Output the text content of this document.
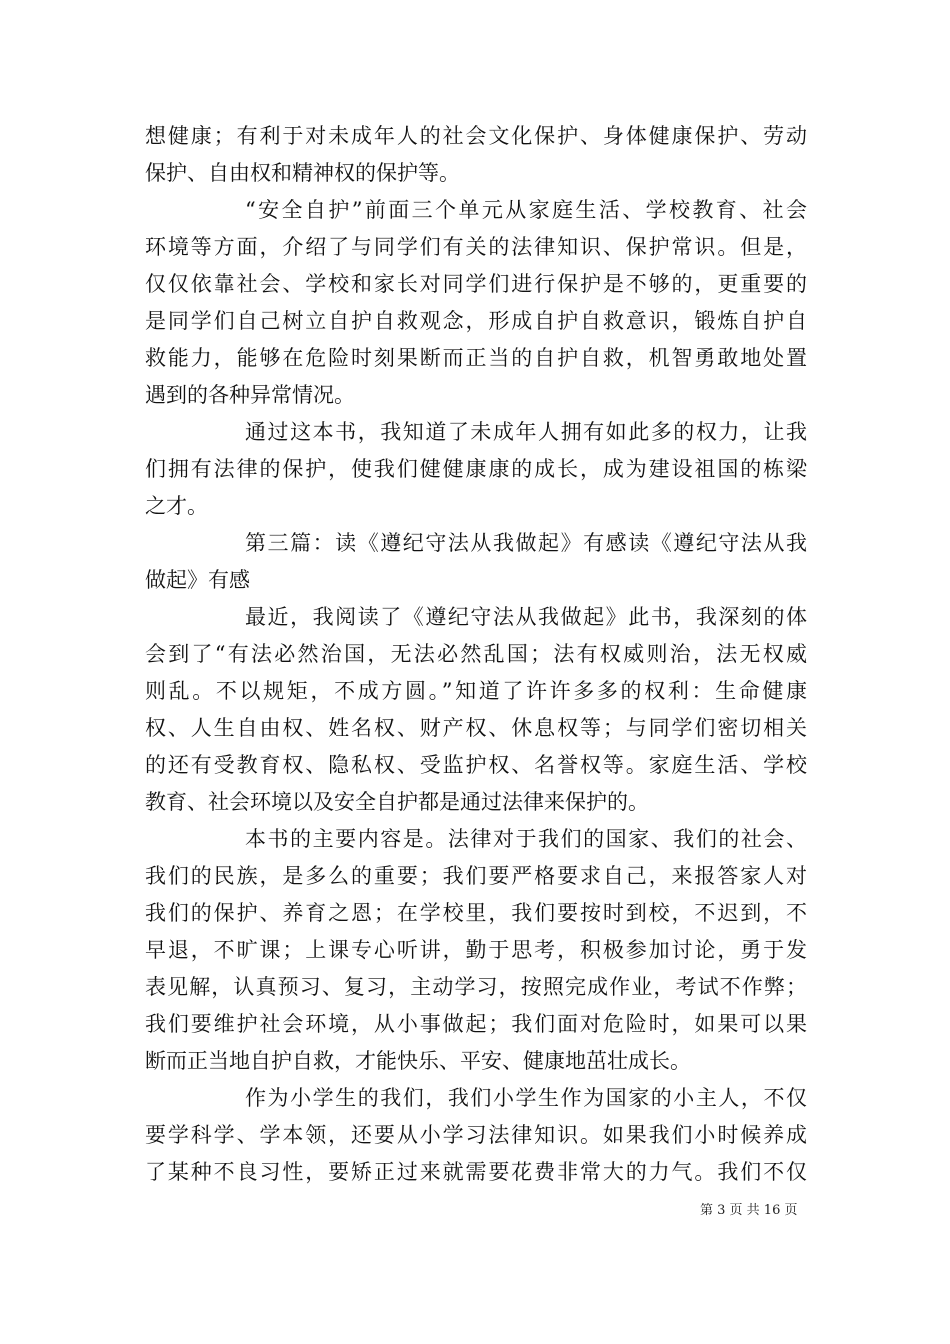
想健康；有利于对未成年人的社会文化保护、身体健康保护、劳动
保护、自由权和精神权的保护等。
“安全自护”前面三个单元从家庭生活、学校教育、社会
环境等方面，介绍了与同学们有关的法律知识、保护常识。但是，
仅仅依靠社会、学校和家长对同学们进行保护是不够的，更重要的
是同学们自己树立自护自救观念，形成自护自救意识，锻炼自护自
救能力，能够在危险时刻果断而正当的自护自救，机智勇敢地处置
遇到的各种异常情况。
通过这本书，我知道了未成年人拥有如此多的权力，让我
们拥有法律的保护，使我们健健康康的成长，成为建设祖国的栋梁
之才。
第三篇：读《遵纪守法从我做起》有感读《遵纪守法从我
做起》有感
最近，我阅读了《遵纪守法从我做起》此书，我深刻的体
会到了“有法必然治国，无法必然乱国；法有权威则治，法无权威
则乱。不以规矩，不成方圆。”知道了许许多多的权利：生命健康
权、人生自由权、姓名权、财产权、休息权等；与同学们密切相关
的还有受教育权、隐私权、受监护权、名誉权等。家庭生活、学校
教育、社会环境以及安全自护都是通过法律来保护的。
本书的主要内容是。法律对于我们的国家、我们的社会、
我们的民族，是多么的重要；我们要严格要求自己，来报答家人对
我们的保护、养育之恩；在学校里，我们要按时到校，不迟到，不
早退，不旷课；上课专心听讲，勤于思考，积极参加讨论，勇于发
表见解，认真预习、复习，主动学习，按照完成作业，考试不作弊；
我们要维护社会环境，从小事做起；我们面对危险时，如果可以果
断而正当地自护自救，才能快乐、平安、健康地茁壮成长。
作为小学生的我们，我们小学生作为国家的小主人，不仅
要学科学、学本领，还要从小学习法律知识。如果我们小时候养成
了某种不良习性，要矫正过来就需要花费非常大的力气。我们不仅
第 3 页 共 16 页
